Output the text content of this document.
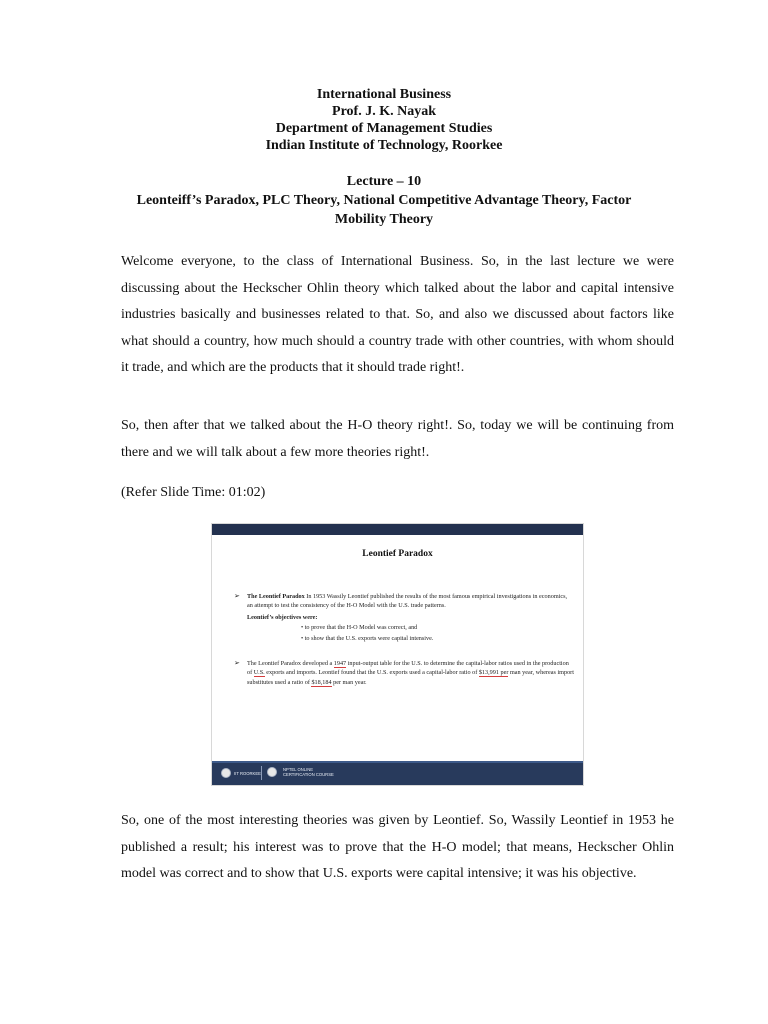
International Business
Prof. J. K. Nayak
Department of Management Studies
Indian Institute of Technology, Roorkee
Lecture – 10
Leonteiff’s Paradox, PLC Theory, National Competitive Advantage Theory, Factor Mobility Theory

Welcome everyone, to the class of International Business. So, in the last lecture we were discussing about the Heckscher Ohlin theory which talked about the labor and capital intensive industries basically and businesses related to that. So, and also we discussed about factors like what should a country, how much should a country trade with other countries, with whom should it trade, and which are the products that it should trade right!.

So, then after that we talked about the H-O theory right!. So, today we will be continuing from there and we will talk about a few more theories right!.

(Refer Slide Time: 01:02)

Leontief Paradox
➢ The Leontief Paradox In 1953 Wassily Leontief published the results of the most famous empirical investigations in economics, an attempt to test the consistency of the H-O Model with the U.S. trade patterns.
Leontief’s objectives were:
• to prove that the H-O Model was correct, and
• to show that the U.S. exports were capital intensive.
➢ The Leontief Paradox developed a 1947 input-output table for the U.S. to determine the capital-labor ratios used in the production of U.S. exports and imports. Leontief found that the U.S. exports used a capital-labor ratio of $13,991 per man year, whereas import substitutes used a ratio of $18,184 per man year.
IIT ROORKEE
NPTEL ONLINE
CERTIFICATION COURSE

So, one of the most interesting theories was given by Leontief. So, Wassily Leontief in 1953 he published a result; his interest was to prove that the H-O model; that means, Heckscher Ohlin model was correct and to show that U.S. exports were capital intensive; it was his objective.
